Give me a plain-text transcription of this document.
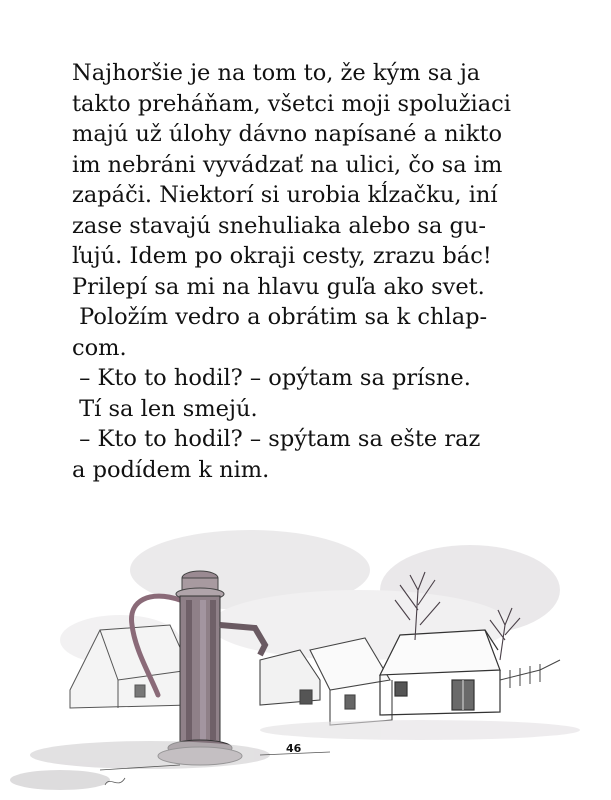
Najhoršie je na tom to, že kým sa ja
takto preháňam, všetci moji spolužiaci
majú už úlohy dávno napísané a nikto
im nebráni vyvádzať na ulici, čo sa im
zapáči. Niektorí si urobia kĺzačku, iní
zase stavajú snehuliaka alebo sa gu-
ľujú. Idem po okraji cesty, zrazu bác!
Prilepí sa mi na hlavu guľa ako svet.
Položím vedro a obrátim sa k chlap-
com.
– Kto to hodil? – opýtam sa prísne.
Tí sa len smejú.
– Kto to hodil? – spýtam sa ešte raz
a podídem k nim.
46
